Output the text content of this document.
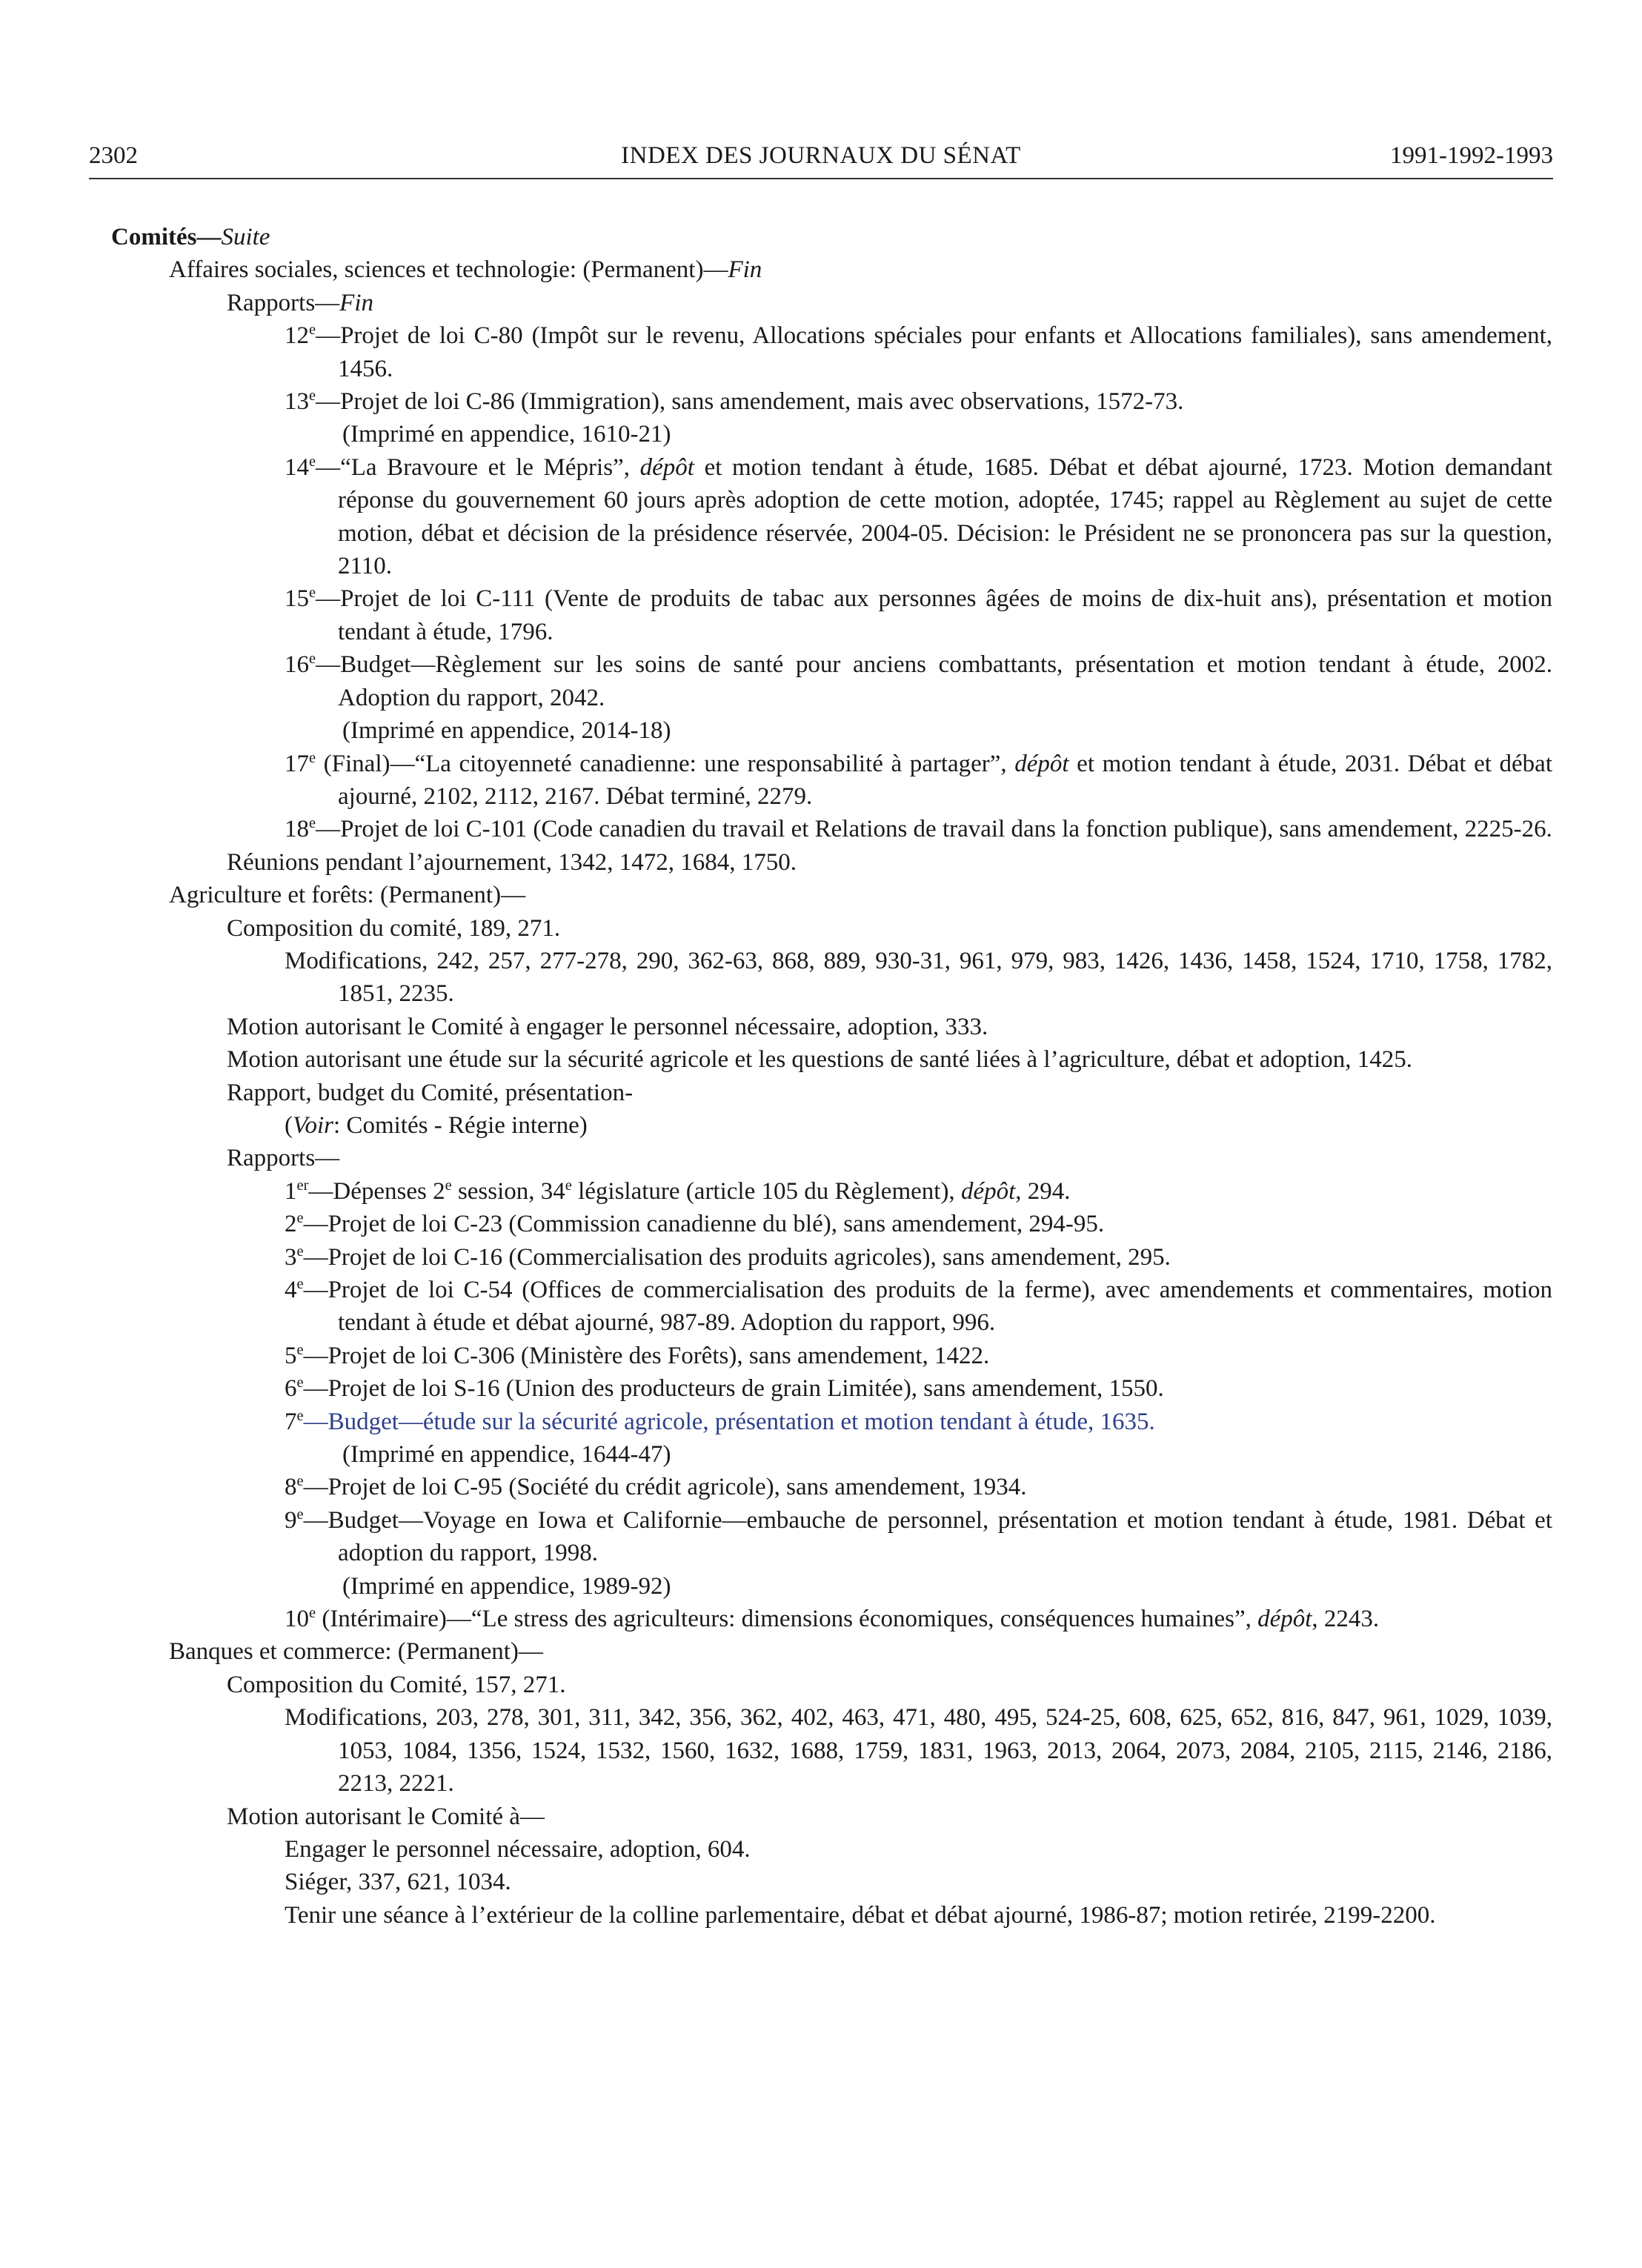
2302	INDEX DES JOURNAUX DU SÉNAT	1991-1992-1993
Comités—Suite
Affaires sociales, sciences et technologie: (Permanent)—Fin
Rapports—Fin
12e—Projet de loi C-80 (Impôt sur le revenu, Allocations spéciales pour enfants et Allocations familiales), sans amendement, 1456.
13e—Projet de loi C-86 (Immigration), sans amendement, mais avec observations, 1572-73.
(Imprimé en appendice, 1610-21)
14e—“La Bravoure et le Mépris”, dépôt et motion tendant à étude, 1685. Débat et débat ajourné, 1723. Motion demandant réponse du gouvernement 60 jours après adoption de cette motion, adoptée, 1745; rappel au Règlement au sujet de cette motion, débat et décision de la présidence réservée, 2004-05. Décision: le Président ne se prononcera pas sur la question, 2110.
15e—Projet de loi C-111 (Vente de produits de tabac aux personnes âgées de moins de dix-huit ans), présentation et motion tendant à étude, 1796.
16e—Budget—Règlement sur les soins de santé pour anciens combattants, présentation et motion tendant à étude, 2002. Adoption du rapport, 2042.
(Imprimé en appendice, 2014-18)
17e (Final)—“La citoyenneté canadienne: une responsabilité à partager”, dépôt et motion tendant à étude, 2031. Débat et débat ajourné, 2102, 2112, 2167. Débat terminé, 2279.
18e—Projet de loi C-101 (Code canadien du travail et Relations de travail dans la fonction publique), sans amendement, 2225-26.
Réunions pendant l’ajournement, 1342, 1472, 1684, 1750.
Agriculture et forêts: (Permanent)—
Composition du comité, 189, 271.
Modifications, 242, 257, 277-278, 290, 362-63, 868, 889, 930-31, 961, 979, 983, 1426, 1436, 1458, 1524, 1710, 1758, 1782, 1851, 2235.
Motion autorisant le Comité à engager le personnel nécessaire, adoption, 333.
Motion autorisant une étude sur la sécurité agricole et les questions de santé liées à l’agriculture, débat et adoption, 1425.
Rapport, budget du Comité, présentation-
(Voir: Comités - Régie interne)
Rapports—
1er—Dépenses 2e session, 34e législature (article 105 du Règlement), dépôt, 294.
2e—Projet de loi C-23 (Commission canadienne du blé), sans amendement, 294-95.
3e—Projet de loi C-16 (Commercialisation des produits agricoles), sans amendement, 295.
4e—Projet de loi C-54 (Offices de commercialisation des produits de la ferme), avec amendements et commentaires, motion tendant à étude et débat ajourné, 987-89. Adoption du rapport, 996.
5e—Projet de loi C-306 (Ministère des Forêts), sans amendement, 1422.
6e—Projet de loi S-16 (Union des producteurs de grain Limitée), sans amendement, 1550.
7e—Budget—étude sur la sécurité agricole, présentation et motion tendant à étude, 1635.
(Imprimé en appendice, 1644-47)
8e—Projet de loi C-95 (Société du crédit agricole), sans amendement, 1934.
9e—Budget—Voyage en Iowa et Californie—embauche de personnel, présentation et motion tendant à étude, 1981. Débat et adoption du rapport, 1998.
(Imprimé en appendice, 1989-92)
10e (Intérimaire)—“Le stress des agriculteurs: dimensions économiques, conséquences humaines”, dépôt, 2243.
Banques et commerce: (Permanent)—
Composition du Comité, 157, 271.
Modifications, 203, 278, 301, 311, 342, 356, 362, 402, 463, 471, 480, 495, 524-25, 608, 625, 652, 816, 847, 961, 1029, 1039, 1053, 1084, 1356, 1524, 1532, 1560, 1632, 1688, 1759, 1831, 1963, 2013, 2064, 2073, 2084, 2105, 2115, 2146, 2186, 2213, 2221.
Motion autorisant le Comité à—
Engager le personnel nécessaire, adoption, 604.
Siéger, 337, 621, 1034.
Tenir une séance à l’extérieur de la colline parlementaire, débat et débat ajourné, 1986-87; motion retirée, 2199-2200.
